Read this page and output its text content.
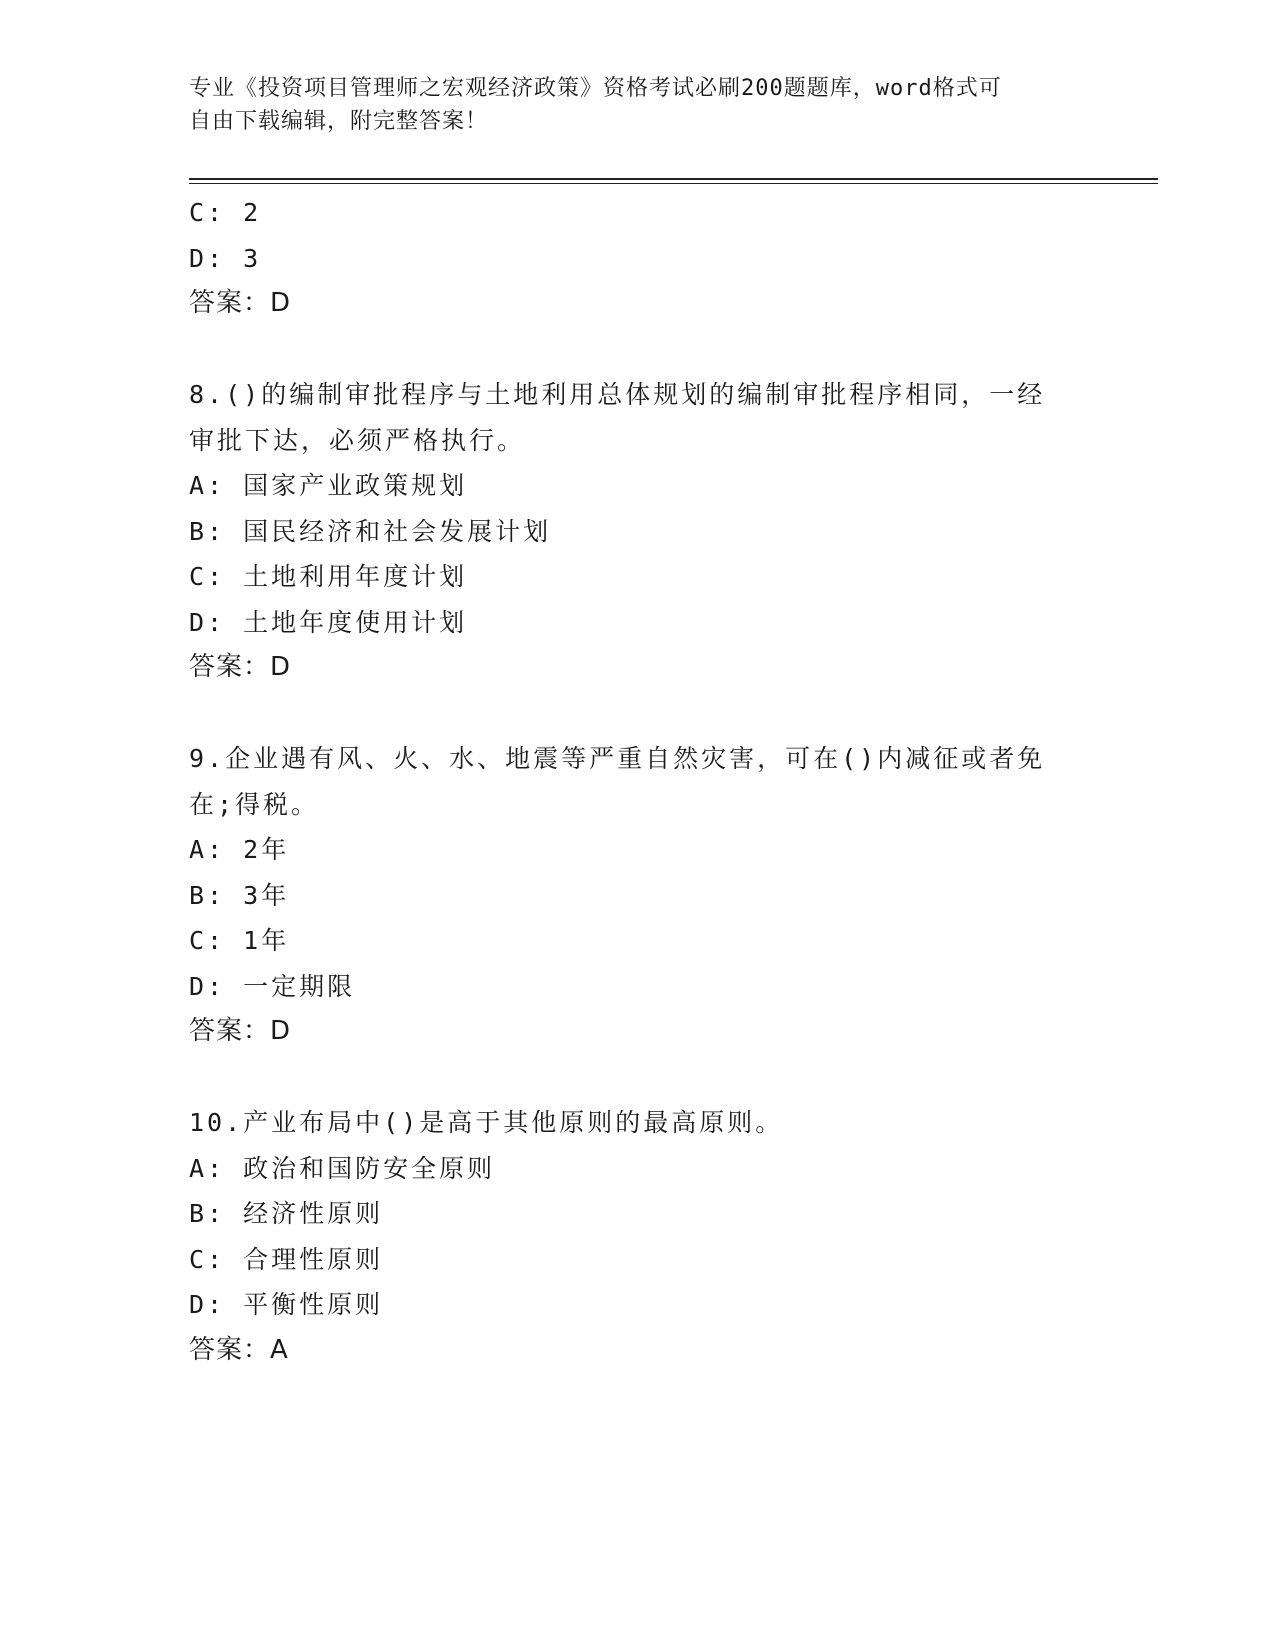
专业《投资项目管理师之宏观经济政策》资格考试必刷200题题库，word格式可
自由下载编辑，附完整答案！
C: 2
D: 3
答案：D
8.()的编制审批程序与土地利用总体规划的编制审批程序相同，一经
审批下达，必须严格执行。
A: 国家产业政策规划
B: 国民经济和社会发展计划
C: 土地利用年度计划
D: 土地年度使用计划
答案：D
9.企业遇有风、火、水、地震等严重自然灾害，可在()内减征或者免
在;得税。
A: 2年
B: 3年
C: 1年
D: 一定期限
答案：D
10.产业布局中()是高于其他原则的最高原则。
A: 政治和国防安全原则
B: 经济性原则
C: 合理性原则
D: 平衡性原则
答案：A
